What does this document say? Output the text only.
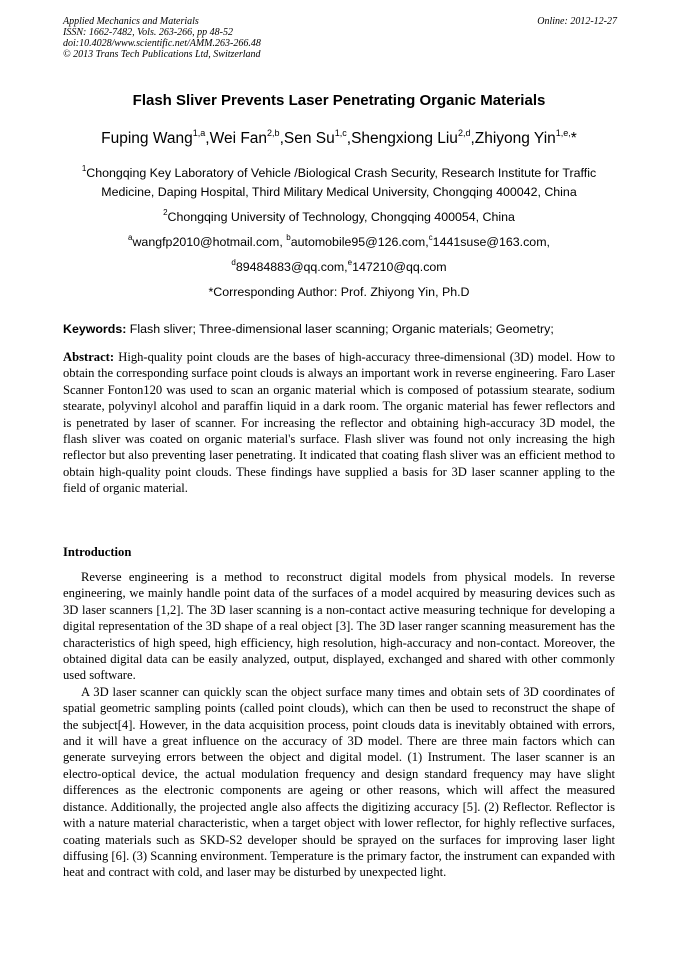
Applied Mechanics and Materials
ISSN: 1662-7482, Vols. 263-266, pp 48-52
doi:10.4028/www.scientific.net/AMM.263-266.48
© 2013 Trans Tech Publications Ltd, Switzerland
Online: 2012-12-27
Flash Sliver Prevents Laser Penetrating Organic Materials
Fuping Wang$^{1,a}$,Wei Fan$^{2,b}$,Sen Su$^{1,c}$,Shengxiong Liu$^{2,d}$,Zhiyong Yin$^{1,e,}$*
$^1$Chongqing Key Laboratory of Vehicle /Biological Crash Security, Research Institute for Traffic
Medicine, Daping Hospital, Third Military Medical University, Chongqing 400042, China
$^2$Chongqing University of Technology, Chongqing 400054, China
$^a$wangfp2010@hotmail.com, $^b$automobile95@126.com,$^c$1441suse@163.com,
$^d$89484883@qq.com,$^e$147210@qq.com
*Corresponding Author: Prof. Zhiyong Yin, Ph.D
Keywords: Flash sliver; Three-dimensional laser scanning; Organic materials; Geometry;

Abstract: High-quality point clouds are the bases of high-accuracy three-dimensional (3D) model. How to obtain the corresponding surface point clouds is always an important work in reverse engineering. Faro Laser Scanner Fonton120 was used to scan an organic material which is composed of potassium stearate, sodium stearate, polyvinyl alcohol and paraffin liquid in a dark room. The organic material has fewer reflectors and is penetrated by laser of scanner. For increasing the reflector and obtaining high-accuracy 3D model, the flash sliver was coated on organic material's surface. Flash sliver was found not only increasing the high reflector but also preventing laser penetrating. It indicated that coating flash sliver was an efficient method to obtain high-quality point clouds. These findings have supplied a basis for 3D laser scanner appling to the field of organic material.

Introduction

Reverse engineering is a method to reconstruct digital models from physical models. In reverse engineering, we mainly handle point data of the surfaces of a model acquired by measuring devices such as 3D laser scanners [1,2]. The 3D laser scanning is a non-contact active measuring technique for developing a digital representation of the 3D shape of a real object [3]. The 3D laser ranger scanning measurement has the characteristics of high speed, high efficiency, high resolution, high-accuracy and non-contact. Moreover, the obtained digital data can be easily analyzed, output, displayed, exchanged and shared with other commonly used software.

A 3D laser scanner can quickly scan the object surface many times and obtain sets of 3D coordinates of spatial geometric sampling points (called point clouds), which can then be used to reconstruct the shape of the subject[4]. However, in the data acquisition process, point clouds data is inevitably obtained with errors, and it will have a great influence on the accuracy of 3D model. There are three main factors which can generate surveying errors between the object and digital model. (1) Instrument. The laser scanner is an electro-optical device, the actual modulation frequency and design standard frequency may have slight differences as the electronic components are ageing or other reasons, which will affect the measured distance. Additionally, the projected angle also affects the digitizing accuracy [5]. (2) Reflector. Reflector is with a nature material characteristic, when a target object with lower reflector, for highly reflective surfaces, coating materials such as SKD-S2 developer should be sprayed on the surfaces for improving laser light diffusing [6]. (3) Scanning environment. Temperature is the primary factor, the instrument can expanded with heat and contract with cold, and laser may be disturbed by unexpected light.
